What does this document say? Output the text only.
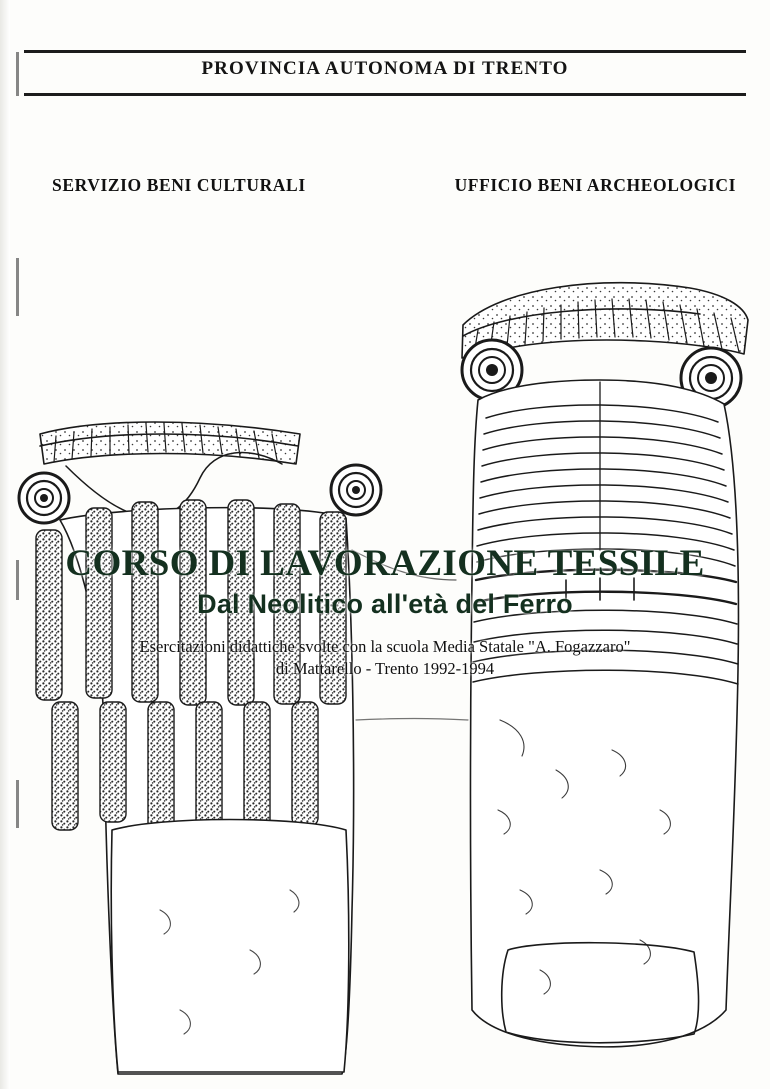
PROVINCIA AUTONOMA DI TRENTO
SERVIZIO BENI CULTURALI	UFFICIO BENI ARCHEOLOGICI
CORSO DI LAVORAZIONE TESSILE
Dal Neolitico all'età del Ferro
Esercitazioni didattiche svolte con la scuola Media Statale "A. Fogazzaro"
di Mattarello - Trento 1992-1994
